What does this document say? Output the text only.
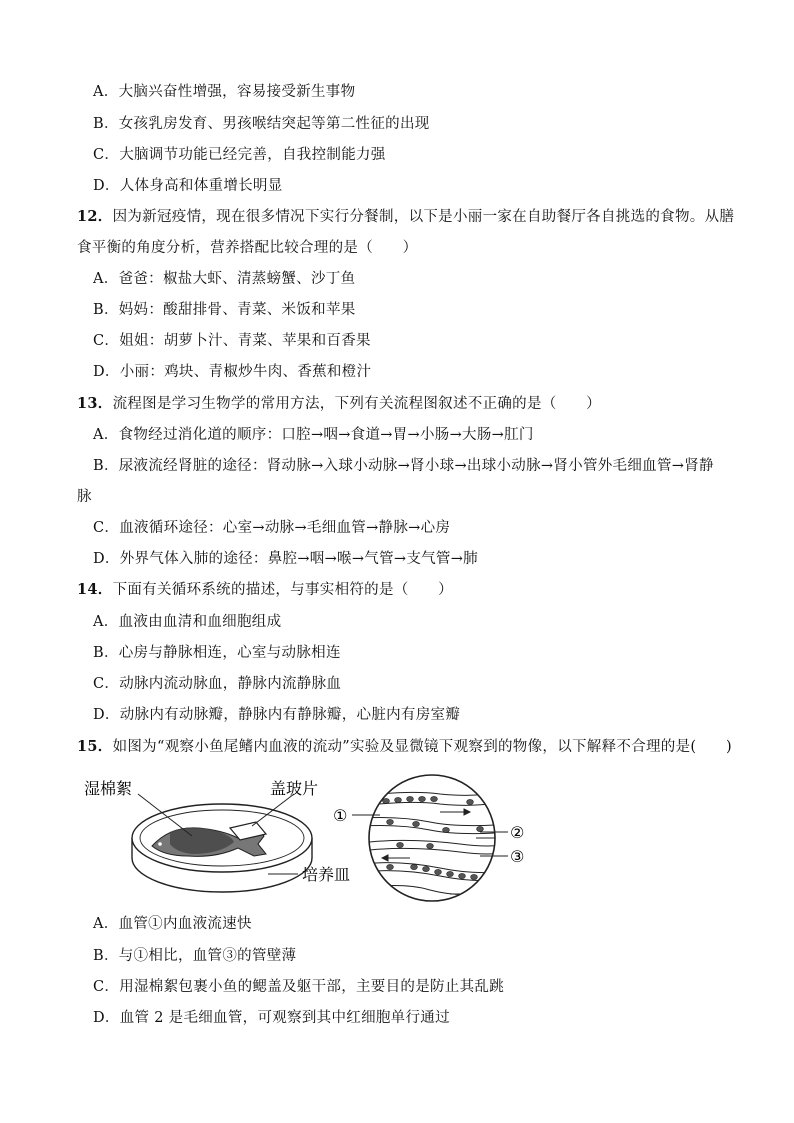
A．大脑兴奋性增强，容易接受新生事物
B．女孩乳房发育、男孩喉结突起等第二性征的出现
C．大脑调节功能已经完善，自我控制能力强
D．人体身高和体重增长明显
12．因为新冠疫情，现在很多情况下实行分餐制，以下是小丽一家在自助餐厅各自挑选的食物。从膳
食平衡的角度分析，营养搭配比较合理的是（　　）
A．爸爸：椒盐大虾、清蒸螃蟹、沙丁鱼
B．妈妈：酸甜排骨、青菜、米饭和苹果
C．姐姐：胡萝卜汁、青菜、苹果和百香果
D．小丽：鸡块、青椒炒牛肉、香蕉和橙汁
13．流程图是学习生物学的常用方法，下列有关流程图叙述不正确的是（　　）
A．食物经过消化道的顺序：口腔→咽→食道→胃→小肠→大肠→肛门
B．尿液流经肾脏的途径：肾动脉→入球小动脉→肾小球→出球小动脉→肾小管外毛细血管→肾静
脉
C．血液循环途径：心室→动脉→毛细血管→静脉→心房
D．外界气体入肺的途径：鼻腔→咽→喉→气管→支气管→肺
14．下面有关循环系统的描述，与事实相符的是（　　）
A．血液由血清和血细胞组成
B．心房与静脉相连，心室与动脉相连
C．动脉内流动脉血，静脉内流静脉血
D．动脉内有动脉瓣，静脉内有静脉瓣，心脏内有房室瓣
15．如图为“观察小鱼尾鳍内血液的流动”实验及显微镜下观察到的物像，以下解释不合理的是(　　)
湿棉絮	盖玻片
培养皿
①
②
③
A．血管①内血液流速快
B．与①相比，血管③的管壁薄
C．用湿棉絮包裹小鱼的鳃盖及躯干部，主要目的是防止其乱跳
D．血管 2 是毛细血管，可观察到其中红细胞单行通过
